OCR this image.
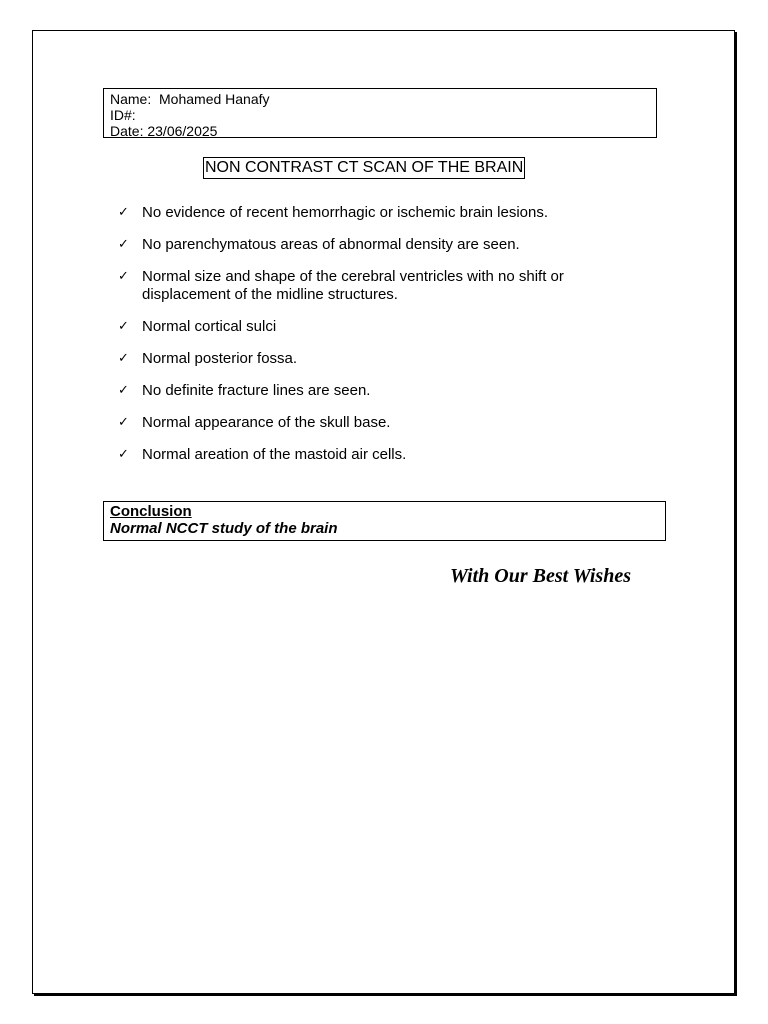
Name: Mohamed Hanafy
ID#:
Date: 23/06/2025
NON CONTRAST CT SCAN OF THE BRAIN
✓ No evidence of recent hemorrhagic or ischemic brain lesions.
✓ No parenchymatous areas of abnormal density are seen.
✓ Normal size and shape of the cerebral ventricles with no shift or displacement of the midline structures.
✓ Normal cortical sulci
✓ Normal posterior fossa.
✓ No definite fracture lines are seen.
✓ Normal appearance of the skull base.
✓ Normal areation of the mastoid air cells.
Conclusion
Normal NCCT study of the brain
With Our Best Wishes
